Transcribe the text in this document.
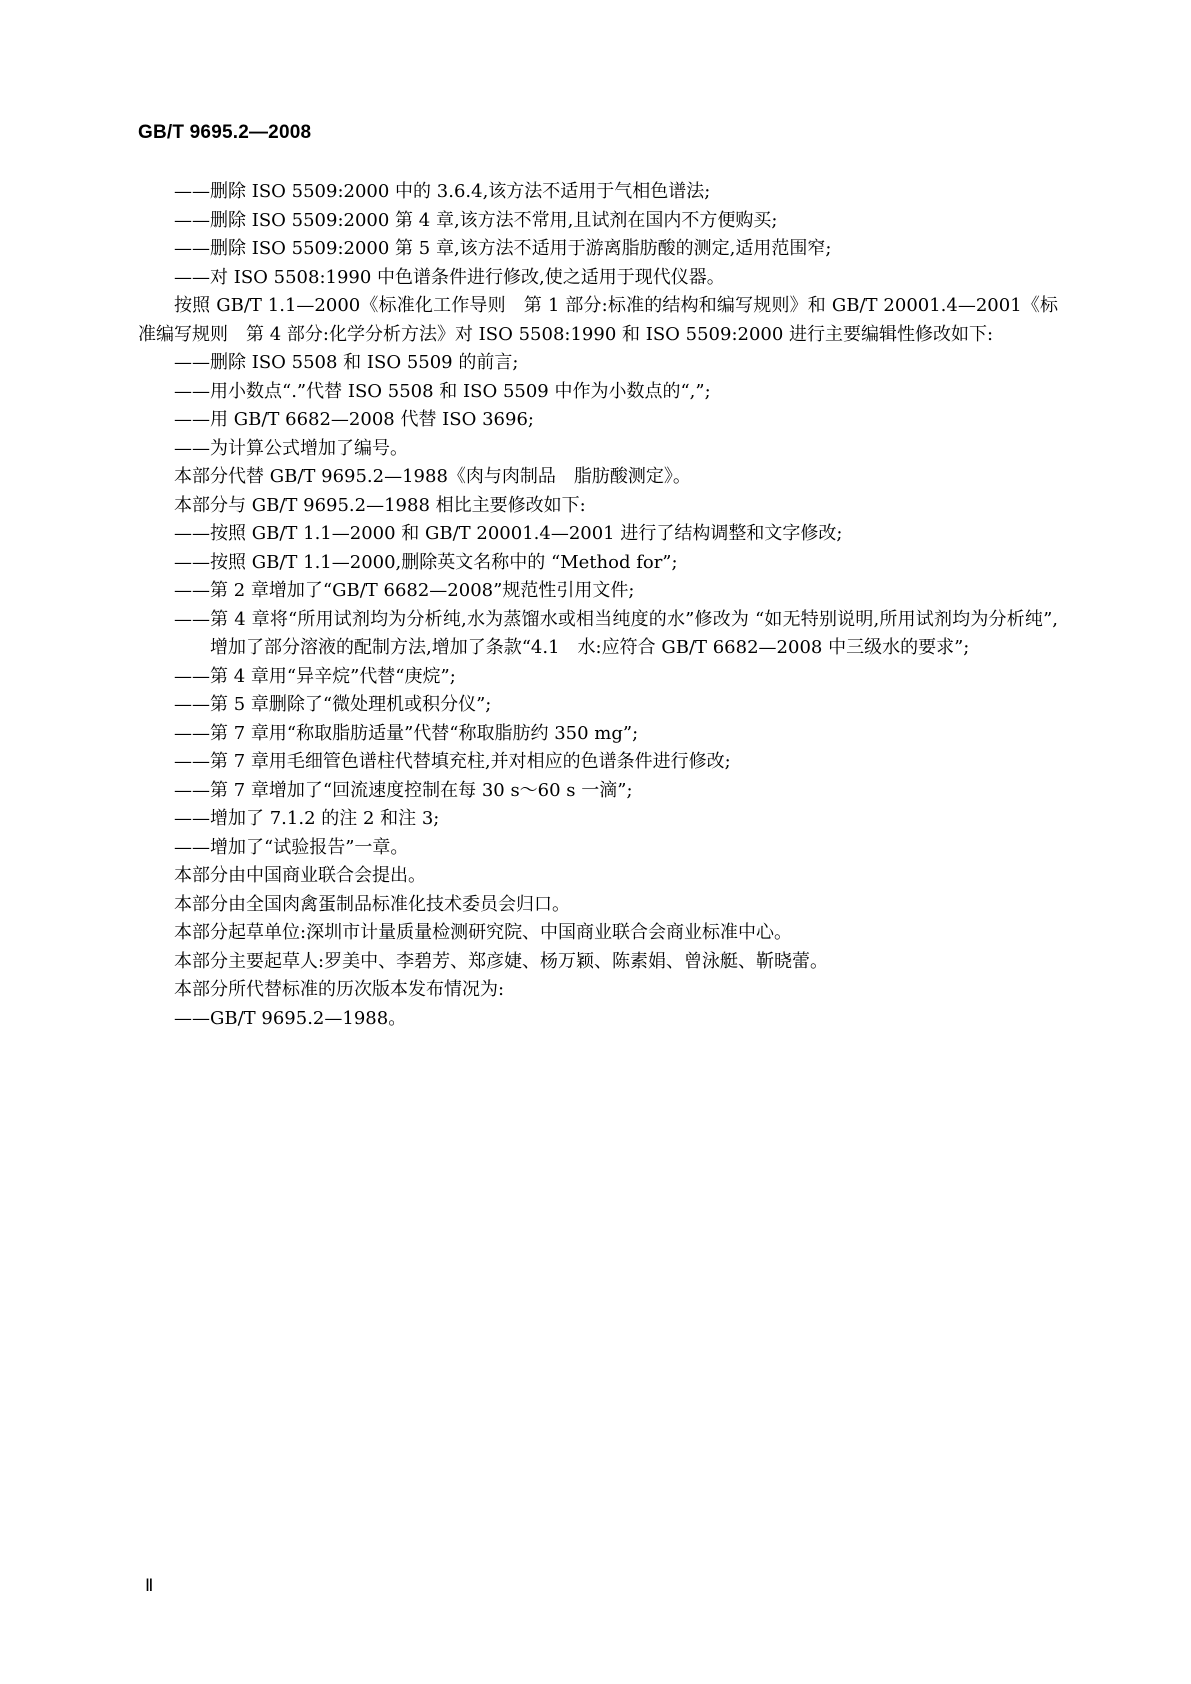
GB/T 9695.2—2008
——删除 ISO 5509:2000 中的 3.6.4,该方法不适用于气相色谱法;
——删除 ISO 5509:2000 第 4 章,该方法不常用,且试剂在国内不方便购买;
——删除 ISO 5509:2000 第 5 章,该方法不适用于游离脂肪酸的测定,适用范围窄;
——对 ISO 5508:1990 中色谱条件进行修改,使之适用于现代仪器。

按照 GB/T 1.1—2000《标准化工作导则　第 1 部分:标准的结构和编写规则》和 GB/T 20001.4—2001《标准编写规则　第 4 部分:化学分析方法》对 ISO 5508:1990 和 ISO 5509:2000 进行主要编辑性修改如下:

——删除 ISO 5508 和 ISO 5509 的前言;
——用小数点“.”代替 ISO 5508 和 ISO 5509 中作为小数点的“,”;
——用 GB/T 6682—2008 代替 ISO 3696;
——为计算公式增加了编号。

本部分代替 GB/T 9695.2—1988《肉与肉制品　脂肪酸测定》。

本部分与 GB/T 9695.2—1988 相比主要修改如下:

——按照 GB/T 1.1—2000 和 GB/T 20001.4—2001 进行了结构调整和文字修改;
——按照 GB/T 1.1—2000,删除英文名称中的 “Method for”;
——第 2 章增加了“GB/T 6682—2008”规范性引用文件;
——第 4 章将“所用试剂均为分析纯,水为蒸馏水或相当纯度的水”修改为 “如无特别说明,所用试剂均为分析纯”,增加了部分溶液的配制方法,增加了条款“4.1　水:应符合 GB/T 6682—2008 中三级水的要求”;
——第 4 章用“异辛烷”代替“庚烷”;
——第 5 章删除了“微处理机或积分仪”;
——第 7 章用“称取脂肪适量”代替“称取脂肪约 350 mg”;
——第 7 章用毛细管色谱柱代替填充柱,并对相应的色谱条件进行修改;
——第 7 章增加了“回流速度控制在每 30 s～60 s 一滴”;
——增加了 7.1.2 的注 2 和注 3;
——增加了“试验报告”一章。

本部分由中国商业联合会提出。

本部分由全国肉禽蛋制品标准化技术委员会归口。

本部分起草单位:深圳市计量质量检测研究院、中国商业联合会商业标准中心。

本部分主要起草人:罗美中、李碧芳、郑彦婕、杨万颖、陈素娟、曾泳艇、靳晓蕾。

本部分所代替标准的历次版本发布情况为:

——GB/T 9695.2—1988。
Ⅱ
